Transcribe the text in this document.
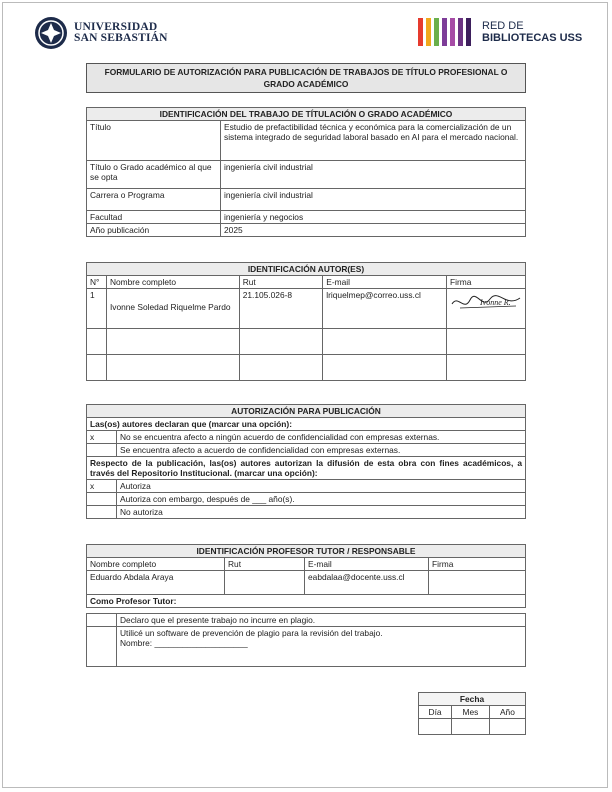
UNIVERSIDAD
SAN SEBASTIÁN
RED DE
BIBLIOTECAS USS
FORMULARIO DE AUTORIZACIÓN PARA PUBLICACIÓN DE TRABAJOS DE TÍTULO PROFESIONAL O GRADO ACADÉMICO
IDENTIFICACIÓN DEL TRABAJO DE TÍTULACIÓN O GRADO ACADÉMICO	
Título	Estudio de prefactibilidad técnica y económica para la comercialización de un sistema integrado de seguridad laboral basado en AI para el mercado nacional.
Título o Grado académico al que se opta	ingeniería civil industrial
Carrera o Programa	ingeniería civil industrial
Facultad	ingeniería y negocios
Año publicación	2025
IDENTIFICACIÓN AUTOR(ES)				
N°	Nombre completo	Rut	E-mail	Firma
1	Ivonne Soledad Riquelme Pardo	21.105.026-8	lriquelmep@correo.uss.cl	Ivonne R.

AUTORIZACIÓN PARA PUBLICACIÓN	
Las(os) autores declaran que (marcar una opción):	
x	No se encuentra afecto a ningún acuerdo de confidencialidad con empresas externas.
	Se encuentra afecto a acuerdo de confidencialidad con empresas externas.
Respecto de la publicación, las(os) autores autorizan la difusión de esta obra con fines académicos, a través del Repositorio Institucional. (marcar una opción):	
x	Autoriza
	Autoriza con embargo, después de ___ año(s).
	No autoriza
IDENTIFICACIÓN PROFESOR TUTOR / RESPONSABLE			
Nombre completo	Rut	E-mail	Firma
Eduardo Abdala Araya		eabdalaa@docente.uss.cl	
Como Profesor Tutor:			
	Declaro que el presente trabajo no incurre en plagio.

	Utilicé un software de prevención de plagio para la revisión del trabajo.
Nombre: ____________________
Fecha		
Día	Mes	Año
